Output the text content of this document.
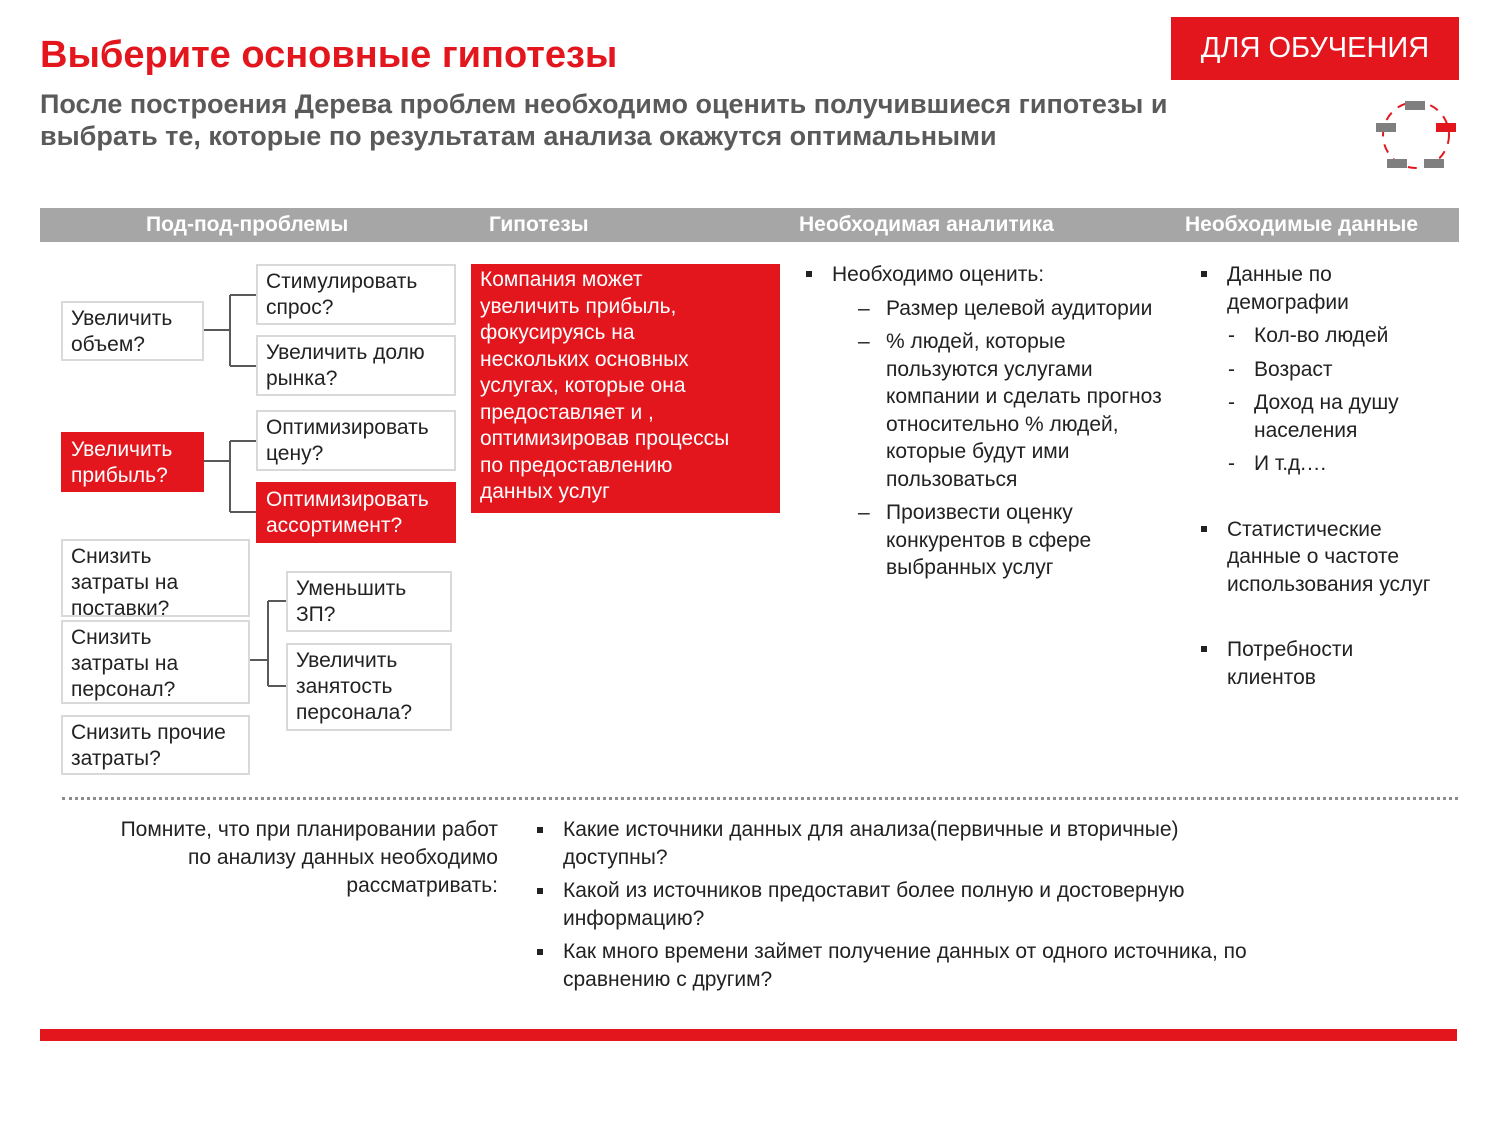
Выберите основные гипотезы
После построения Дерева проблем необходимо оценить получившиеся гипотезы и
выбрать те, которые по результатам анализа окажутся оптимальными
ДЛЯ ОБУЧЕНИЯ
Под-под-проблемы	Гипотезы	Необходимая аналитика	Необходимые данные
Увеличить
объем?
Увеличить
прибыль?
Снизить
затраты на
поставки?
Снизить
затраты на
персонал?
Снизить прочие
затраты?
Стимулировать
спрос?
Увеличить долю
рынка?
Оптимизировать
цену?
Оптимизировать
ассортимент?
Уменьшить
ЗП?
Увеличить
занятость
персонала?
Компания может
увеличить прибыль,
фокусируясь на
нескольких основных
услугах, которые она
предоставляет и ,
оптимизировав процессы
по предоставлению
данных услуг
Необходимо оценить:
– Размер целевой аудитории
– % людей, которые
пользуются услугами
компании и сделать прогноз
относительно % людей,
которые будут ими
пользоваться
– Произвести оценку
конкурентов в сфере
выбранных услуг
Данные по
демографии
- Кол-во людей
- Возраст
- Доход на душу
населения
- И т.д.…
Статистические
данные о частоте
использования услуг
Потребности
клиентов
Помните, что при планировании работ
по анализу данных необходимо
рассматривать:
Какие источники данных для анализа(первичные и вторичные)
доступны?
Какой из источников предоставит более полную и достоверную
информацию?
Как много времени займет получение данных от одного источника, по
сравнению с другим?
